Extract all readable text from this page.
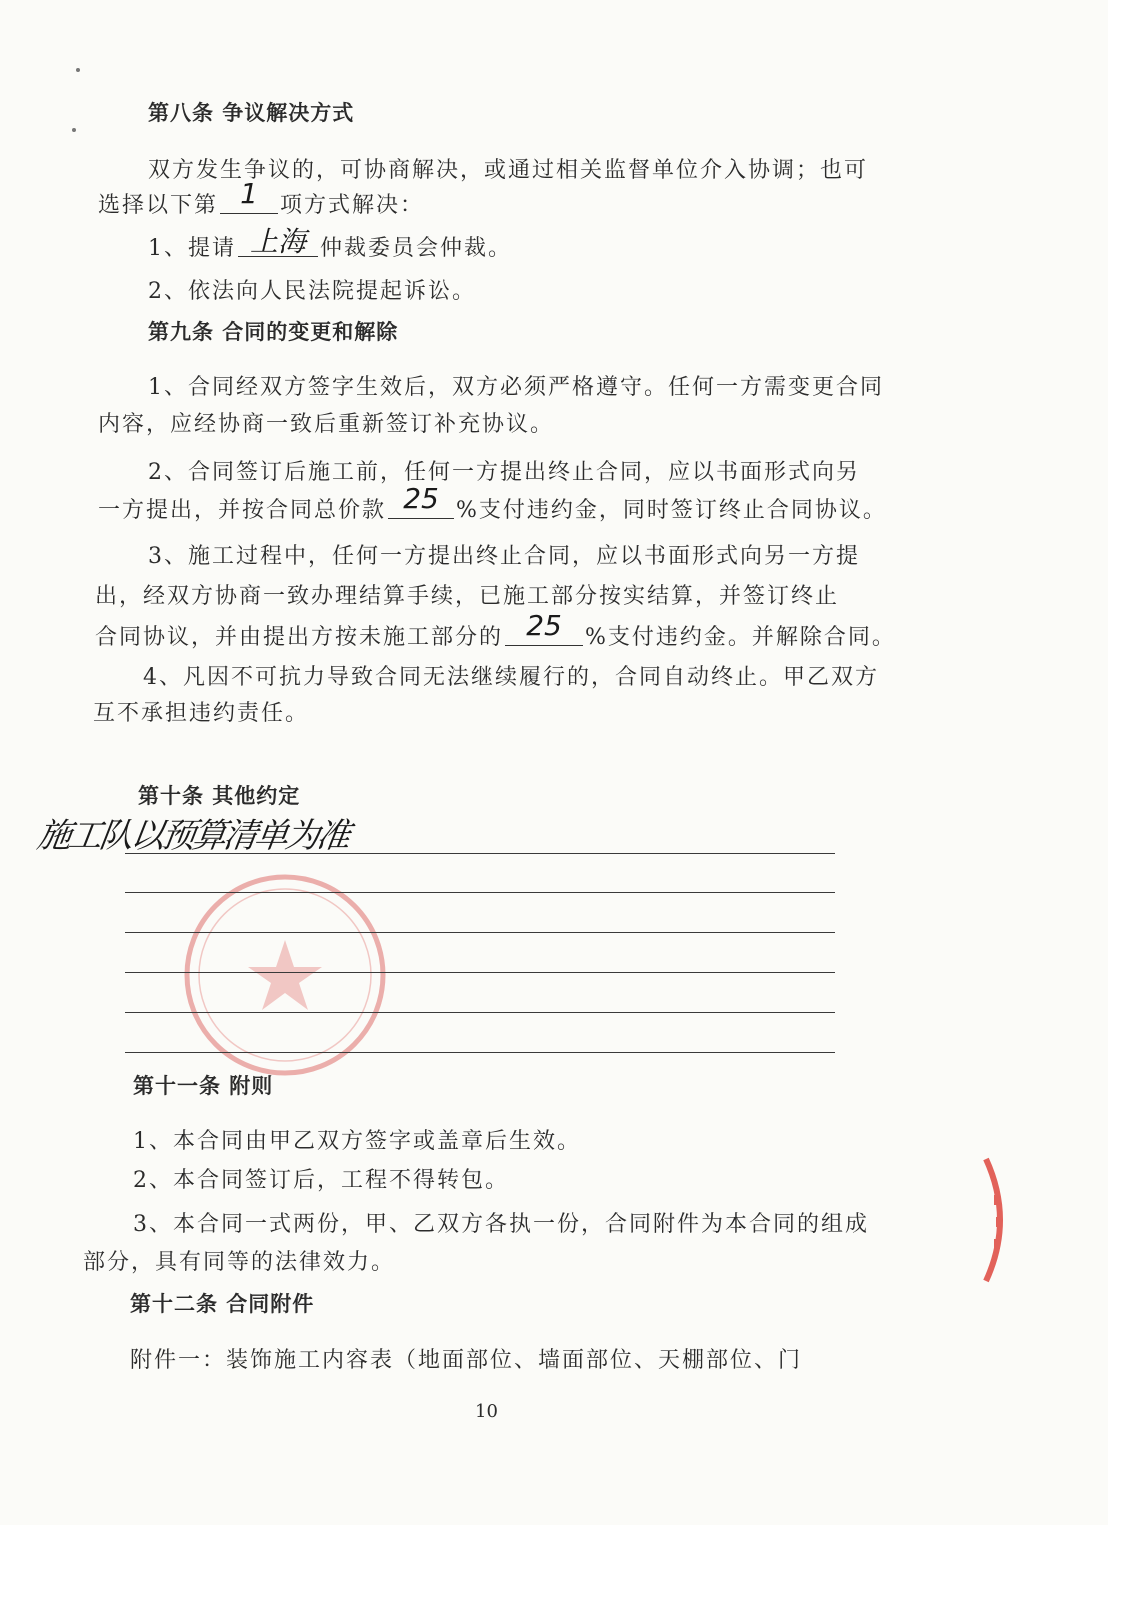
第八条 争议解决方式
双方发生争议的，可协商解决，或通过相关监督单位介入协调；也可
选择以下第 1	项方式解决：
1、提请 上海 仲裁委员会仲裁。
2、依法向人民法院提起诉讼。
第九条 合同的变更和解除
1、合同经双方签字生效后，双方必须严格遵守。任何一方需变更合同
内容，应经协商一致后重新签订补充协议。
2、合同签订后施工前，任何一方提出终止合同，应以书面形式向另
一方提出，并按合同总价款 25 %支付违约金，同时签订终止合同协议。
3、施工过程中，任何一方提出终止合同，应以书面形式向另一方提
出，经双方协商一致办理结算手续，已施工部分按实结算，并签订终止
合同协议，并由提出方按未施工部分的 25	%支付违约金。并解除合同。
4、凡因不可抗力导致合同无法继续履行的，合同自动终止。甲乙双方
互不承担违约责任。
第十条 其他约定
施工队以预算清单为准
第十一条 附则
1、本合同由甲乙双方签字或盖章后生效。
2、本合同签订后，工程不得转包。
3、本合同一式两份，甲、乙双方各执一份，合同附件为本合同的组成
部分，具有同等的法律效力。
第十二条 合同附件
附件一：装饰施工内容表（地面部位、墙面部位、天棚部位、门
10
